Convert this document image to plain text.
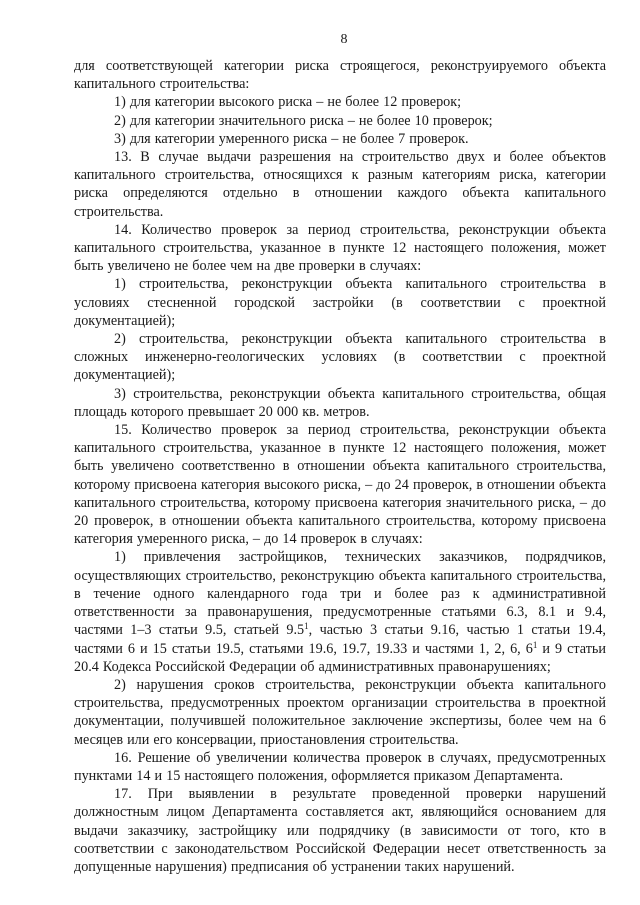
8

для соответствующей категории риска строящегося, реконструируемого объекта капитального строительства:

1) для категории высокого риска – не более 12 проверок;

2) для категории значительного риска – не более 10 проверок;

3) для категории умеренного риска – не более 7 проверок.

13. В случае выдачи разрешения на строительство двух и более объектов капитального строительства, относящихся к разным категориям риска, категории риска определяются отдельно в отношении каждого объекта капитального строительства.

14. Количество проверок за период строительства, реконструкции объекта капитального строительства, указанное в пункте 12 настоящего положения, может быть увеличено не более чем на две проверки в случаях:

1) строительства, реконструкции объекта капитального строительства в условиях стесненной городской застройки (в соответствии с проектной документацией);

2) строительства, реконструкции объекта капитального строительства в сложных инженерно-геологических условиях (в соответствии с проектной документацией);

3) строительства, реконструкции объекта капитального строительства, общая площадь которого превышает 20 000 кв. метров.

15. Количество проверок за период строительства, реконструкции объекта капитального строительства, указанное в пункте 12 настоящего положения, может быть увеличено соответственно в отношении объекта капитального строительства, которому присвоена категория высокого риска, – до 24 проверок, в отношении объекта капитального строительства, которому присвоена категория значительного риска, – до 20 проверок, в отношении объекта капитального строительства, которому присвоена категория умеренного риска, – до 14 проверок в случаях:

1) привлечения застройщиков, технических заказчиков, подрядчиков, осуществляющих строительство, реконструкцию объекта капитального строительства, в течение одного календарного года три и более раз к административной ответственности за правонарушения, предусмотренные статьями 6.3, 8.1 и 9.4, частями 1–3 статьи 9.5, статьей $9.5^1$, частью 3 статьи 9.16, частью 1 статьи 19.4, частями 6 и 15 статьи 19.5, статьями 19.6, 19.7, 19.33 и частями 1, 2, 6, $6^1$ и 9 статьи 20.4 Кодекса Российской Федерации об административных правонарушениях;

2) нарушения сроков строительства, реконструкции объекта капитального строительства, предусмотренных проектом организации строительства в проектной документации, получившей положительное заключение экспертизы, более чем на 6 месяцев или его консервации, приостановления строительства.

16. Решение об увеличении количества проверок в случаях, предусмотренных пунктами 14 и 15 настоящего положения, оформляется приказом Департамента.

17. При выявлении в результате проведенной проверки нарушений должностным лицом Департамента составляется акт, являющийся основанием для выдачи заказчику, застройщику или подрядчику (в зависимости от того, кто в соответствии с законодательством Российской Федерации несет ответственность за допущенные нарушения) предписания об устранении таких нарушений.
